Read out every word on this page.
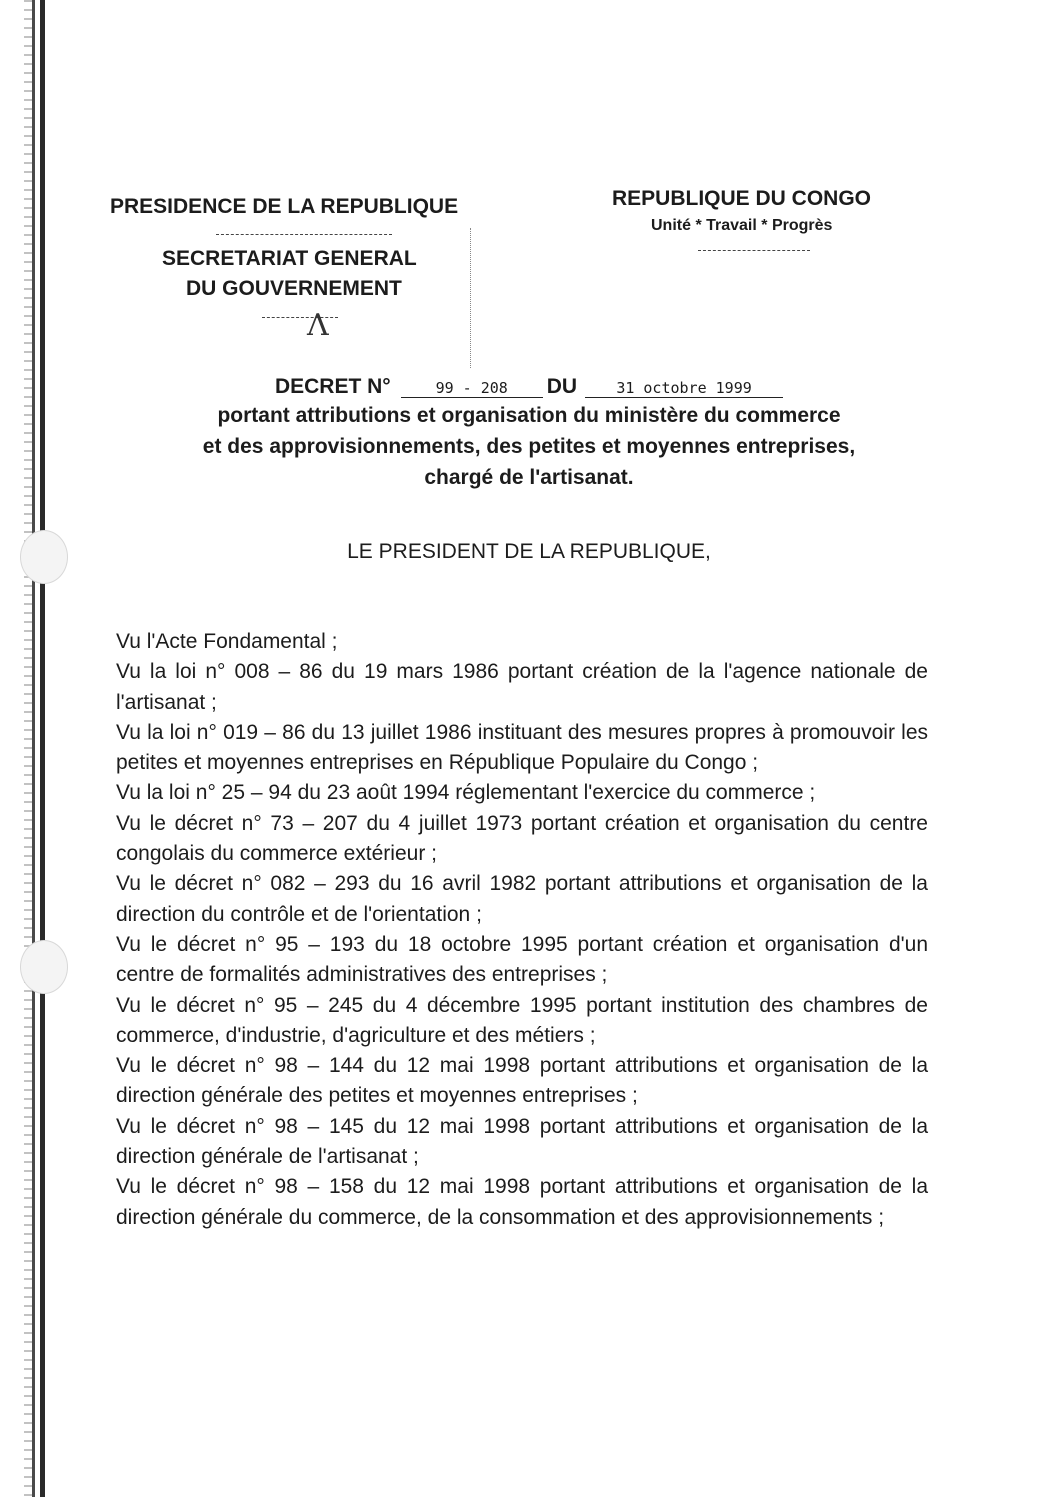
PRESIDENCE DE LA REPUBLIQUE
SECRETARIAT GENERAL
DU GOUVERNEMENT
Ʌ
REPUBLIQUE DU CONGO
Unité * Travail * Progrès
DECRET N°	99 - 208 DU	31 octobre 1999
portant attributions et organisation du ministère du commerce
et des approvisionnements, des petites et moyennes entreprises,
chargé de l'artisanat.
LE PRESIDENT DE LA REPUBLIQUE,

Vu l'Acte Fondamental ;

Vu la loi n° 008 – 86 du 19 mars 1986 portant création de la l'agence nationale de l'artisanat ;

Vu la loi n° 019 – 86 du 13 juillet 1986 instituant des mesures propres à promouvoir les petites et moyennes entreprises en République Populaire du Congo ;

Vu la loi n° 25 – 94 du 23 août 1994 réglementant l'exercice du commerce ;

Vu le décret n° 73 – 207 du 4 juillet 1973 portant création et organisation du centre congolais du commerce extérieur ;

Vu le décret n° 082 – 293 du 16 avril 1982 portant attributions et organisation de la direction du contrôle et de l'orientation ;

Vu le décret n° 95 – 193 du 18 octobre 1995 portant création et organisation d'un centre de formalités administratives des entreprises ;

Vu le décret n° 95 – 245 du 4 décembre 1995 portant institution des chambres de commerce, d'industrie, d'agriculture et des métiers ;

Vu le décret n° 98 – 144 du 12 mai 1998 portant attributions et organisation de la direction générale des petites et moyennes entreprises ;

Vu le décret n° 98 – 145 du 12 mai 1998 portant attributions et organisation de la direction générale de l'artisanat ;

Vu le décret n° 98 – 158 du 12 mai 1998 portant attributions et organisation de la direction générale du commerce, de la consommation et des approvisionnements ;
